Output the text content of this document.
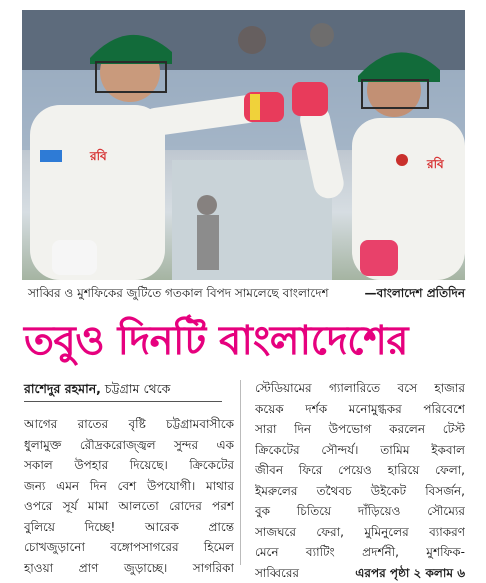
রবি
রবি
সাব্বির ও মুশফিকের জুটিতে গতকাল বিপদ সামলেছে বাংলাদেশ	—বাংলাদেশ প্রতিদিন
তবুও দিনটি বাংলাদেশের
রাশেদুর রহমান, চট্টগ্রাম থেকে
আগের রাতের বৃষ্টি চট্টগ্রামবাসীকে
ধুলামুক্ত রৌদ্রকরোজ্জ্বল সুন্দর এক
সকাল উপহার দিয়েছে। ক্রিকেটের
জন্য এমন দিন বেশ উপযোগী। মাথার
ওপরে সূর্য মামা আলতো রোদের পরশ
বুলিয়ে দিচ্ছে! আরেক প্রান্তে
চোখজুড়ানো বঙ্গোপসাগরের হিমেল
হাওয়া প্রাণ জুড়াচ্ছে। সাগরিকা
স্টেডিয়ামের গ্যালারিতে বসে হাজার
কয়েক দর্শক মনোমুগ্ধকর পরিবেশে
সারা দিন উপভোগ করলেন টেস্ট
ক্রিকেটের সৌন্দর্য। তামিম ইকবাল
জীবন ফিরে পেয়েও হারিয়ে ফেলা,
ইমরুলের তথৈবচ উইকেট বিসর্জন,
বুক চিতিয়ে দাঁড়িয়েও সৌম্যের
সাজঘরে ফেরা, মুমিনুলের ব্যাকরণ
মেনে ব্যাটিং প্রদর্শনী, মুশফিক-
সাব্বিরের	এরপর পৃষ্ঠা ২ কলাম ৬
